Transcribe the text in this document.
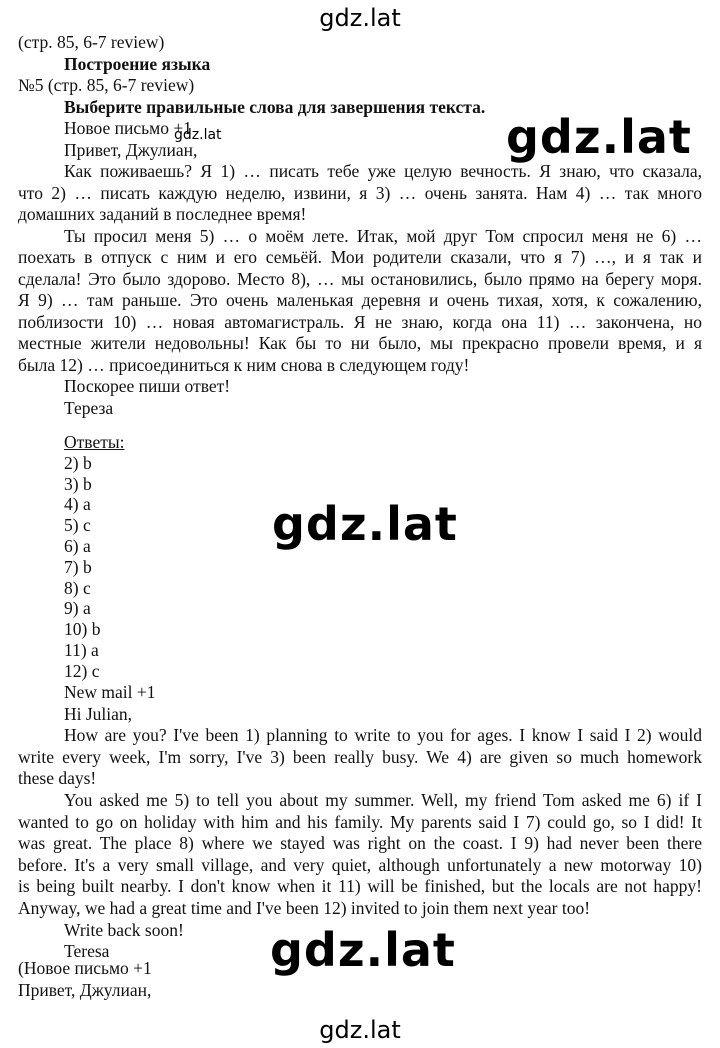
gdz.lat
gdz.lat	gdz.lat
gdz.lat
gdz.lat
gdz.lat
(стр. 85, 6-7 review)
Построение языка
№5 (стр. 85, 6-7 review)
Выберите правильные слова для завершения текста.
Новое письмо +1
Привет, Джулиан,
Как поживаешь? Я 1) … писать тебе уже целую вечность. Я знаю, что сказала,
что 2) … писать каждую неделю, извини, я 3) … очень занята. Нам 4) … так много
домашних заданий в последнее время!
Ты просил меня 5) … о моём лете. Итак, мой друг Том спросил меня не 6) …
поехать в отпуск с ним и его семьёй. Мои родители сказали, что я 7) …, и я так и
сделала! Это было здорово. Место 8), … мы остановились, было прямо на берегу моря.
Я 9) … там раньше. Это очень маленькая деревня и очень тихая, хотя, к сожалению,
поблизости 10) … новая автомагистраль. Я не знаю, когда она 11) … закончена, но
местные жители недовольны! Как бы то ни было, мы прекрасно провели время, и я
была 12) … присоединиться к ним снова в следующем году!
Поскорее пиши ответ!
Тереза
Ответы:
2) b
3) b
4) a
5) c
6) a
7) b
8) c
9) a
10) b
11) a
12) c
New mail +1
Hi Julian,
How are you? I've been 1) planning to write to you for ages. I know I said I 2) would
write every week, I'm sorry, I've 3) been really busy. We 4) are given so much homework
these days!
You asked me 5) to tell you about my summer. Well, my friend Tom asked me 6) if I
wanted to go on holiday with him and his family. My parents said I 7) could go, so I did! It
was great. The place 8) where we stayed was right on the coast. I 9) had never been there
before. It's a very small village, and very quiet, although unfortunately a new motorway 10)
is being built nearby. I don't know when it 11) will be finished, but the locals are not happy!
Anyway, we had a great time and I've been 12) invited to join them next year too!
Write back soon!
Teresa
(Новое письмо +1
Привет, Джулиан,
